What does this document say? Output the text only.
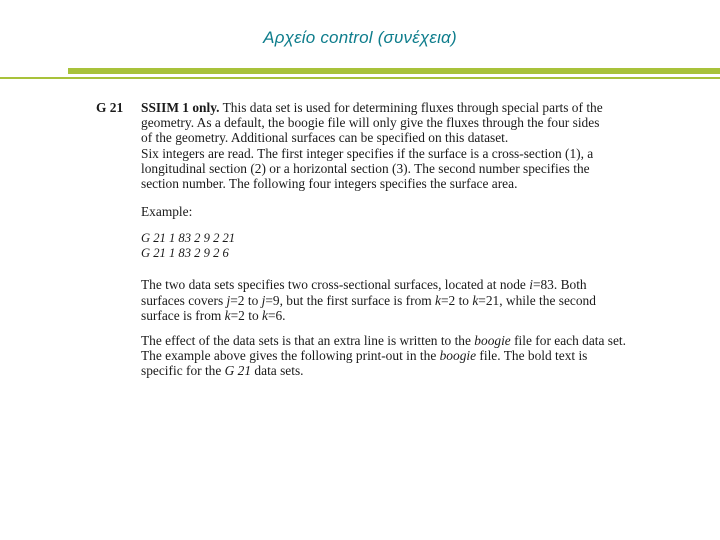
Αρχείο control (συνέχεια)
G 21	SSIIM 1 only. This data set is used for determining fluxes through special parts of the
geometry. As a default, the boogie file will only give the fluxes through the four sides
of the geometry. Additional surfaces can be specified on this dataset.
Six integers are read. The first integer specifies if the surface is a cross-section (1), a
longitudinal section (2) or a horizontal section (3). The second number specifies the
section number. The following four integers specifies the surface area.
Example:
G 21 1 83 2 9 2 21
G 21 1 83 2 9 2 6
The two data sets specifies two cross-sectional surfaces, located at node i=83. Both
surfaces covers j=2 to j=9, but the first surface is from k=2 to k=21, while the second
surface is from k=2 to k=6.
The effect of the data sets is that an extra line is written to the boogie file for each data set. The example above gives the following print-out in the boogie file. The bold text is specific for the G 21 data sets.
